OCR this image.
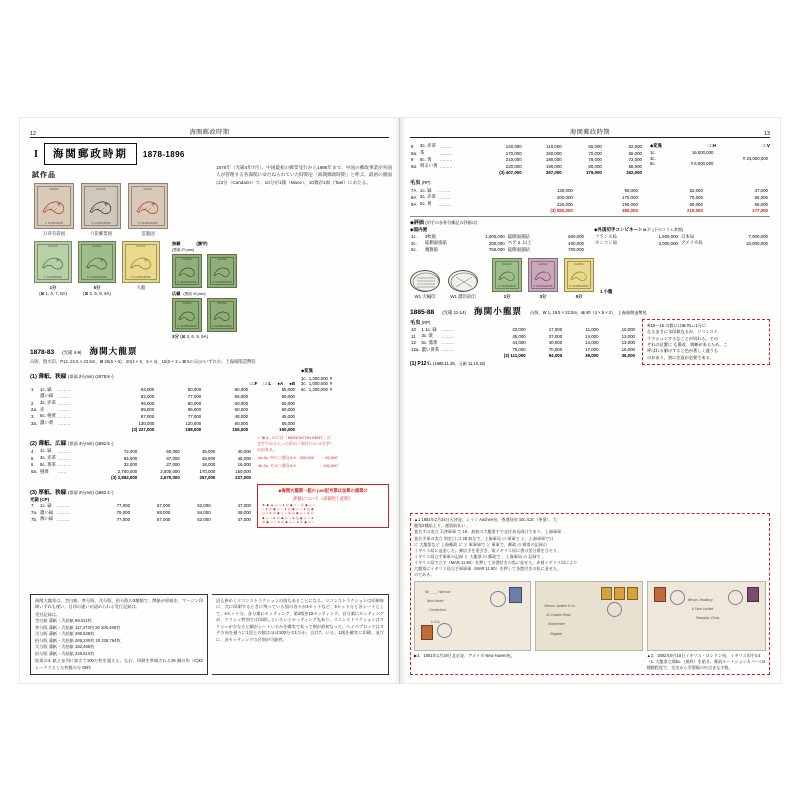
12	海関郵政時期
I	海関郵政時期	1878-1896
試作品
1878年（光緒4年7月）、中国最初の郵票受行から1896年まで、中国の郵政事業が外国人が管理する各海関にゆだねられていた時期を「海関郵政時期」と呼ぶ。最初の額面は3分（Candarin）で、10分が1銭（Mace）、10銭が1両（Tael）にあたる。
CHINA
1 CANDARIN
万寿有彩図
CHINA
3 CANDARINS
六筐郵票図
CHINA
5 CANDARINS
雲龍図
CHINA
1 CANDARIN
1分
(⊠ 1, 4, 7, 8A)
CHINA
5 CANDARINS
5分
(⊠ 2, 5, 8, 9A)
CHINA
3 CANDARINS
大龍
狭縁	(漢字)
(票面 2¹/₂mm)
CHINA
3 CANDARINS
CHINA
3 CANDARINS
広縁 (票面 4¹/₂mm)
CHINA
3 CANDARINS
CHINA
3 CANDARINS
3分 (⊠ 3, 6, 9, 9A)
1878-83 (光緒 4-9) 海関大龍票
凸版、無水印、P12, 22.5 × 23.5m、⊠ 25(5 × 5)、20(4 × 5、5 × 4)、15(5 × 3 = ⊠ 5のみ)のいずれか。上海海関造幣処
(1) 薄紙、狭縁 (票面 2¹/₂mm) (1878.8.-)
□□F □□L ●A ●B
1	1c. 緑	………	63,000	50,000	80,000	55,000
	濃い緑	………	82,000	77,000	65,000	60,000
2	3c. 赤茶	………	95,000	90,000	60,000	60,000
2a.	赤	………	95,000	95,000	60,000	60,000
3	5c. 橙黄	………	87,000	77,000	48,000	45,000
3a.	濃い黄	………	130,000	120,000	60,000	55,000
			(3) 227,000	198,000	155,000	150,000
◆変異
1c.	1,300,000	#
3c.	1,000,000	#
5c.	1,200,000	#
(2) 薄紙、広縁 (票面 4¹/₂mm) (1882.5.-)
4	1c. 緑	………	72,000	60,000	45,000	40,000
5	3c. 赤茶	………	84,000	87,000	48,000	45,000
6	5c. 黄茶	………	32,000	27,000	18,000	16,000
6a.	橙黄	……	2,700,000	2,500,000	170,000	150,000
			(3) 2,892,000	2,670,000	257,000	227,000
☆ ⊠ 4、5 には「MONCKTON KENT」の
文字下から入った形の（単片に1～2文字）
のがある。
4a 3c. 中に二部分4.9	200,000	60,000
4b 3c. その二部分4.9		→ 150,000
(3) 厚紙、狭縁 (票面 2¹/₂mm) (1883.3.-)
光歯 (CP)
7	1c. 緑	………	77,000	67,000	52,000	47,000
7a.	濃い緑	………	79,000	69,000	54,000	49,000
7b.	薄い緑	………	77,000	67,000	52,000	47,000
◆海関大龍票一組の just記号票は加算の値票の
評価について（詳細但し此明）
★ ◆ ▲ ◇ ○ ● ◎ ◆ ○ ○ ◎ ◆ ◇ ○
○ ● ◎ ◆ ◇ ○ ● ◎ ◆ ◇ ○ ● ◎ ◆
◇ ○ ● ◎ ◆ ◇ ○ ● ◎ ◆ ◇ ○ ● ◎
◆ ◇ ○ ● ◎ ◆ ◇ ○ ● ◎ ◆ ◇ ○ ●
◎ ◆ ◇ ○ ● ◎ ◆ ◇ ○ ● ◎ ◆ ◇ ○
海関大龍票は、空白紙、参分版、弐分版、拾分版の3種類で、牌紙が厚紙を、マージン印刷いずれも使い、目印の違いが認められる受行記録は。
受付記録は。
空白紙 薄紙・弐拾紙 89,011枚
参分版 薄紙・弐拾紙 117,473枚 20 206,486枚
弐分版 薄紙・弐拾紙 288,828枚
拾分版 薄紙・弐拾紙 269,240枚 20 238,764枚
弐分版 薄紙・弐拾紙 182,465枚
拾分版 薄紙・弐拾紙 229,610枚
貼票の4. 紙と並列に加えて100万枚を超える。なお、印刷を参城される25 銅の角（C)k3レークリとした枚数の分 09枚
這も狭めくリコンストラクションの図もあることになる。リコンストラクションは印刷毎に、次に印刷するときに残っている図の各々が4セットなど、4セット分と各シートとして、4セット分、各分業にセッティング、第2版を15セッティング、自分業にセッティングが、クリシェ特別では印刷しといろいとセッティング先あり。リコンストラクションはクリシェが少なると銅がシートいるかを確実であって割が最初なった、ヘイペブロックはタテ方向を通りに1回上の数はほぼ100分の1だか、合計7。いる。1銭を確実に印刷、並びに、各セッティングの区別が可能性。
海関郵政時期	13
8	3c. 赤茶	………	120,000	110,000	65,000	62,000
8a.	茶	………	170,000	150,000	70,000	65,000
9	5c. 黄	………	210,000	180,000	78,000	72,000
9a.	明るい黄	………	220,000	190,000	80,000	68,000
			(3) 407,000	357,000	179,000	162,000
◆変異	□□H	□□V
1c.	16,000,000	
3c.		# 23,000,000
5c.	# 6,000,000	
毛虫 (RP)
7A	1c. 緑	………	130,000	90,000	52,000	47,000
8A	3c. 赤茶	………	200,000	170,000	70,000	65,000
9A	5c. 黄	………	220,000	190,000	60,000	55,000
			(3) 550,000	380,000	210,000	177,000
◆評価 (切手の各券号郵記の評価は)
◆国内便
1c.	3枚貼	1,000,000	総側面張貼	600,000
3c.	総側面張貼	200,000	ペア 2. 以上	400,000
5c.	複数貼	750,000	総側面張貼	700,000
◆外国切手コンビネーション (下のコラム参照)
フランス局	1,500,000	日本局	7,000,000
ホンコン局	3,000,000	アメリカ局	10,000,000
W1 大輪印	W1 濃印直印
CHINA
1 CANDARIN
1分
CHINA
3 CANDARINS
3分
CHINA
5 CANDARINS
5分
1 小龍
1885-88 (光緒 11-14) 海関小龍票 凸版、W 1, 19.5 × 22.5m、⊠ 40（4 × 5 × 2）、上海海関造幣処
毛虫 (RP)
10	1 1c. 緑	………	22,000	17,000	11,000	10,000
11	3c. 紫	………	45,000	37,000	14,000	13,000
12	5c. 鶯黄	………	44,000	40,000	14,000	13,000
12a.	濃い黄茶	………	75,000	70,000	17,000	16,000
			(3) 111,000	94,000	39,000	36,000
(1) P12¹/₂ (1885.11.25、元紙 11,10,19)
※10～15 の数には⊠ #1＝1分に
なるまさに水印紙なるが、リコンスト
ラクションするなことが切れる。その
ぞれの位置に も番改、判断があるため、こ
呼ばれる値けすると色が著しく違うも
のがあり、別に注意が必要である。
▲1 1882年2月24日天津発、レイジ Aachen宛。香港経由 10c./12c（茶葉）、大
龍票3種貼上り。運賃前払い 。
査名手の実立 天津軍軍 で 19、最初の大龍票手で交付表長両口であり、上海軍軍
査名手軍の実立 判定日 は 28 初なで、上海軍局 の 軍軍で と、上海軍軍で口
に 大龍票など 上海郵政 に と 軍軍軍で と 軍軍で、郵政 の 郵票の記録の
イギリス局に送金した。郵店手を差引き、取イギリス局に書の差分番を当たり、
イギリス局立手軍軍の記録 と 大龍票 の 郵政で 、上海軍局 の 記録で 、
イギリス局で立す（MAR 11 80）を押して各港付きの私に並せた。赤着イギリス印により
大龍票にイギリス局立手軍軍軍（MAR 11 80）を押して各港付きの私に並せた。
のである。
Mr. ____ Harrison
New Haven
Connecticut
U.S.A.
▶2、1881年1月19日北京発、アメリカ New Haven宛。
Messrs. Jardine & Co.
32 Cannon Road
Manchester
England
Messrs. Bradbury
& Sons Limited
Shanghai, China
▲3、1882年9月16日イギリス・ロンドン宛、イギリス印手4.4（1. 大龍票立場5c.（黒枠）を貼る。郵政ルートションカバーの2種類程度で、毛虫から学葉稿の中点まな少数。
